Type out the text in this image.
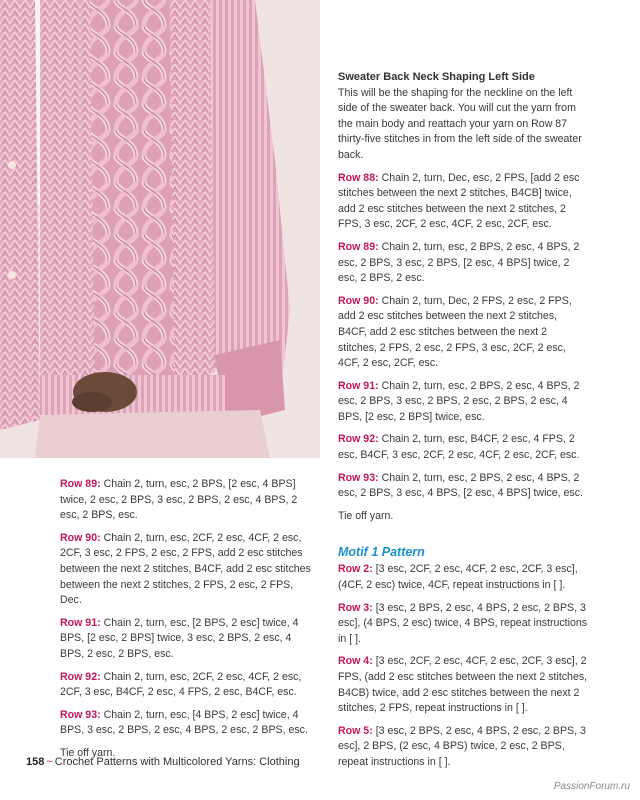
Row 89: Chain 2, turn, esc, 2 BPS, [2 esc, 4 BPS] twice, 2 esc, 2 BPS, 3 esc, 2 BPS, 2 esc, 4 BPS, 2 esc, 2 BPS, esc.

Row 90: Chain 2, turn, esc, 2CF, 2 esc, 4CF, 2 esc, 2CF, 3 esc, 2 FPS, 2 esc, 2 FPS, add 2 esc stitches between the next 2 stitches, B4CF, add 2 esc stitches between the next 2 stitches, 2 FPS, 2 esc, 2 FPS, Dec.

Row 91: Chain 2, turn, esc, [2 BPS, 2 esc] twice, 4 BPS, [2 esc, 2 BPS] twice, 3 esc, 2 BPS, 2 esc, 4 BPS, 2 esc, 2 BPS, esc.

Row 92: Chain 2, turn, esc, 2CF, 2 esc, 4CF, 2 esc, 2CF, 3 esc, B4CF, 2 esc, 4 FPS, 2 esc, B4CF, esc.

Row 93: Chain 2, turn, esc, [4 BPS, 2 esc] twice, 4 BPS, 3 esc, 2 BPS, 2 esc, 4 BPS, 2 esc, 2 BPS, esc.

Tie off yarn.

Sweater Back Neck Shaping Left Side

This will be the shaping for the neckline on the left side of the sweater back. You will cut the yarn from the main body and reattach your yarn on Row 87 thirty-five stitches in from the left side of the sweater back.

Row 88: Chain 2, turn, Dec, esc, 2 FPS, [add 2 esc stitches between the next 2 stitches, B4CB] twice, add 2 esc stitches between the next 2 stitches, 2 FPS, 3 esc, 2CF, 2 esc, 4CF, 2 esc, 2CF, esc.

Row 89: Chain 2, turn, esc, 2 BPS, 2 esc, 4 BPS, 2 esc, 2 BPS, 3 esc, 2 BPS, [2 esc, 4 BPS] twice, 2 esc, 2 BPS, 2 esc.

Row 90: Chain 2, turn, Dec, 2 FPS, 2 esc, 2 FPS, add 2 esc stitches between the next 2 stitches, B4CF, add 2 esc stitches between the next 2 stitches, 2 FPS, 2 esc, 2 FPS, 3 esc, 2CF, 2 esc, 4CF, 2 esc, 2CF, esc.

Row 91: Chain 2, turn, esc, 2 BPS, 2 esc, 4 BPS, 2 esc, 2 BPS, 3 esc, 2 BPS, 2 esc, 2 BPS, 2 esc, 4 BPS, [2 esc, 2 BPS] twice, esc.

Row 92: Chain 2, turn, esc, B4CF, 2 esc, 4 FPS, 2 esc, B4CF, 3 esc, 2CF, 2 esc, 4CF, 2 esc, 2CF, esc.

Row 93: Chain 2, turn, esc, 2 BPS, 2 esc, 4 BPS, 2 esc, 2 BPS, 3 esc, 4 BPS, [2 esc, 4 BPS] twice, esc.

Tie off yarn.

Motif 1 Pattern

Row 2: [3 esc, 2CF, 2 esc, 4CF, 2 esc, 2CF, 3 esc], (4CF, 2 esc) twice, 4CF, repeat instructions in [ ].

Row 3: [3 esc, 2 BPS, 2 esc, 4 BPS, 2 esc, 2 BPS, 3 esc], (4 BPS, 2 esc) twice, 4 BPS, repeat instructions in [ ].

Row 4: [3 esc, 2CF, 2 esc, 4CF, 2 esc, 2CF, 3 esc], 2 FPS, (add 2 esc stitches between the next 2 stitches, B4CB) twice, add 2 esc stitches between the next 2 stitches, 2 FPS, repeat instructions in [ ].

Row 5: [3 esc, 2 BPS, 2 esc, 4 BPS, 2 esc, 2 BPS, 3 esc], 2 BPS, (2 esc, 4 BPS) twice, 2 esc, 2 BPS, repeat instructions in [ ].

158 ~ Crochet Patterns with Multicolored Yarns: Clothing
PassionForum.ru
